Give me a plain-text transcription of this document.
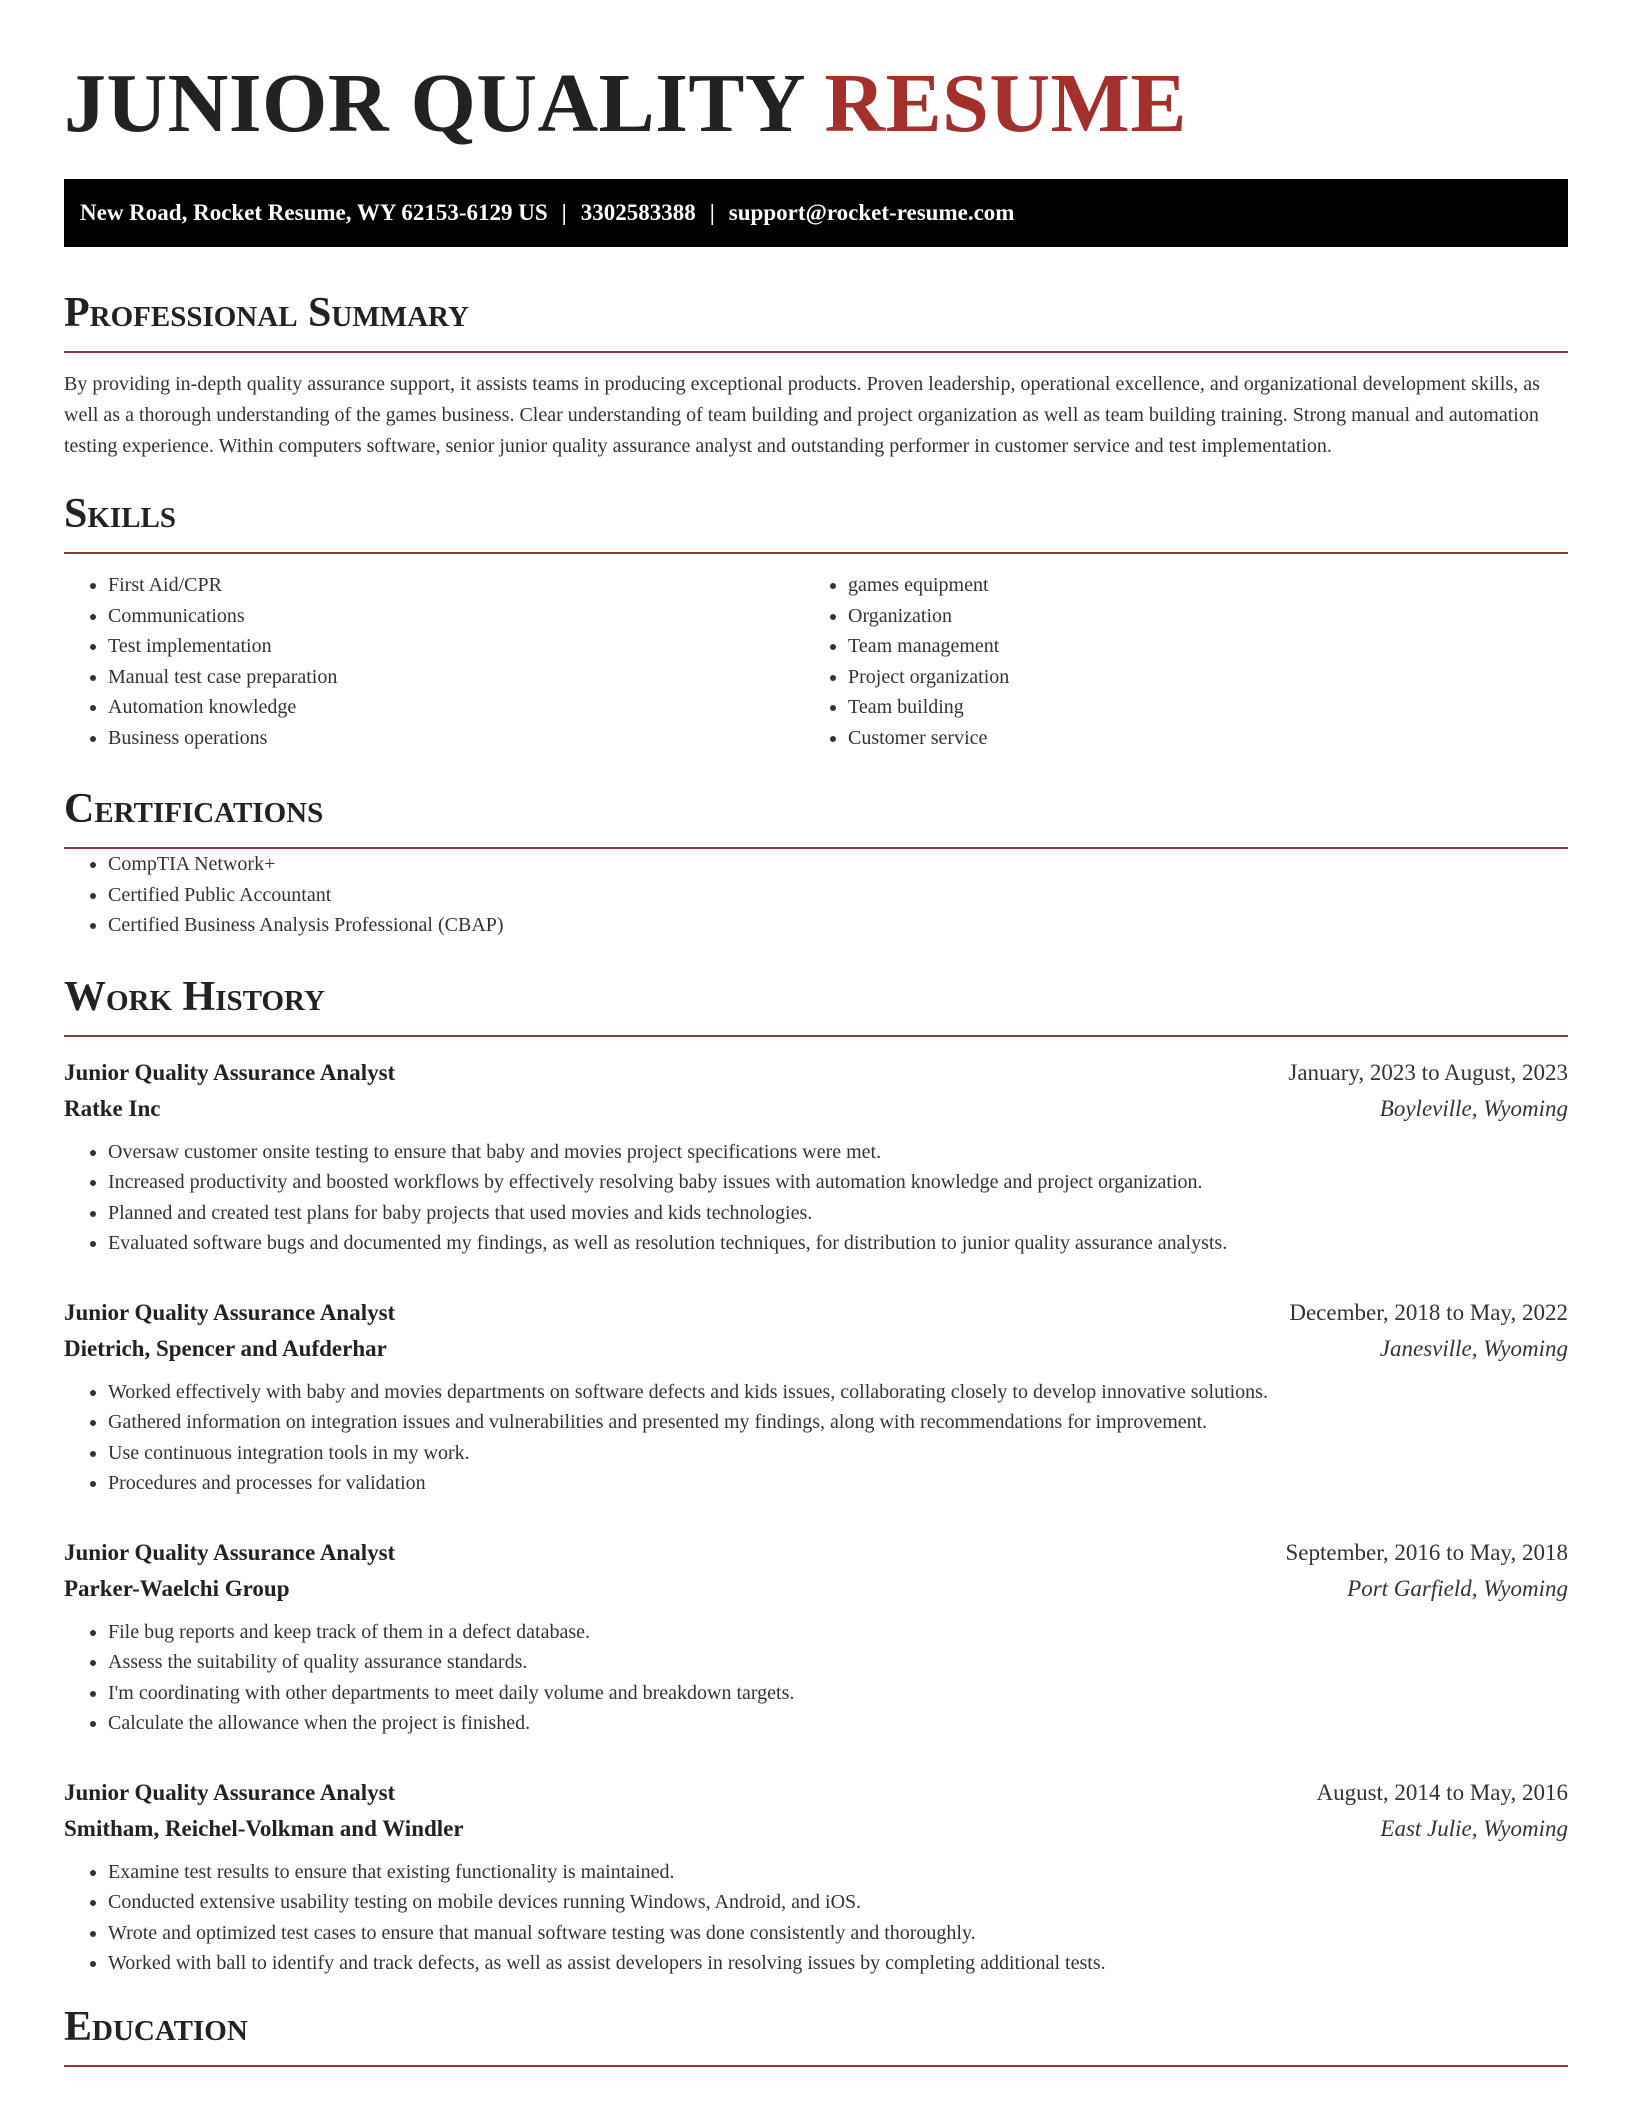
JUNIOR QUALITY RESUME
New Road, Rocket Resume, WY 62153-6129 US | 3302583388 | support@rocket-resume.com
Professional Summary

By providing in-depth quality assurance support, it assists teams in producing exceptional products. Proven leadership, operational excellence, and organizational development skills, as well as a thorough understanding of the games business. Clear understanding of team building and project organization as well as team building training. Strong manual and automation testing experience. Within computers software, senior junior quality assurance analyst and outstanding performer in customer service and test implementation.

Skills
• First Aid/CPR
• Communications
• Test implementation
• Manual test case preparation
• Automation knowledge
• Business operations
• games equipment
• Organization
• Team management
• Project organization
• Team building
• Customer service
Certifications
• CompTIA Network+
• Certified Public Accountant
• Certified Business Analysis Professional (CBAP)
Work History
Junior Quality Assurance Analyst	January, 2023 to August, 2023
Ratke Inc	Boyleville, Wyoming
• Oversaw customer onsite testing to ensure that baby and movies project specifications were met.
• Increased productivity and boosted workflows by effectively resolving baby issues with automation knowledge and project organization.
• Planned and created test plans for baby projects that used movies and kids technologies.
• Evaluated software bugs and documented my findings, as well as resolution techniques, for distribution to junior quality assurance analysts.
Junior Quality Assurance Analyst	December, 2018 to May, 2022
Dietrich, Spencer and Aufderhar	Janesville, Wyoming
• Worked effectively with baby and movies departments on software defects and kids issues, collaborating closely to develop innovative solutions.
• Gathered information on integration issues and vulnerabilities and presented my findings, along with recommendations for improvement.
• Use continuous integration tools in my work.
• Procedures and processes for validation
Junior Quality Assurance Analyst	September, 2016 to May, 2018
Parker-Waelchi Group	Port Garfield, Wyoming
• File bug reports and keep track of them in a defect database.
• Assess the suitability of quality assurance standards.
• I'm coordinating with other departments to meet daily volume and breakdown targets.
• Calculate the allowance when the project is finished.
Junior Quality Assurance Analyst	August, 2014 to May, 2016
Smitham, Reichel-Volkman and Windler	East Julie, Wyoming
• Examine test results to ensure that existing functionality is maintained.
• Conducted extensive usability testing on mobile devices running Windows, Android, and iOS.
• Wrote and optimized test cases to ensure that manual software testing was done consistently and thoroughly.
• Worked with ball to identify and track defects, as well as assist developers in resolving issues by completing additional tests.
Education
